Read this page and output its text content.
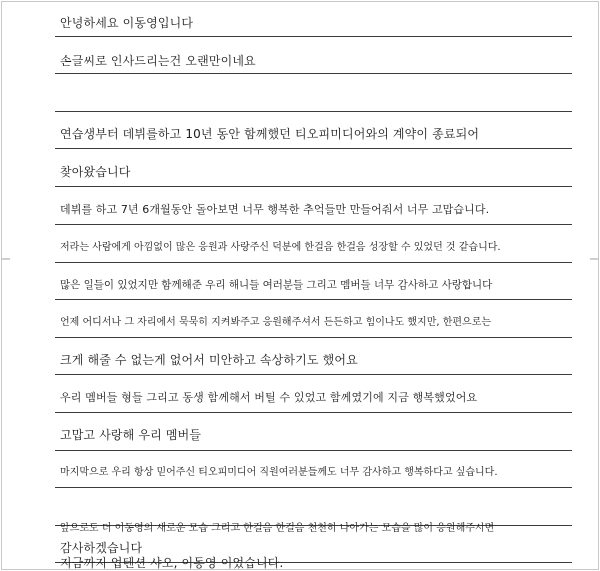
안녕하세요 이동영입니다
손글씨로 인사드리는건 오랜만이네요
연습생부터 데뷔를하고 10년 동안 함께했던 티오피미디어와의 계약이 종료되어
찾아왔습니다
데뷔를 하고 7년 6개월동안 돌아보면 너무 행복한 추억들만 만들어줘서 너무 고맙습니다.
저라는 사람에게 아낌없이 많은 응원과 사랑주신 덕분에 한걸음 한걸음 성장할 수 있었던 것 같습니다.
많은 일들이 있었지만 함께해준 우리 해니들 여러분들 그리고 멤버들 너무 감사하고 사랑합니다
언제 어디서나 그 자리에서 묵묵히 지켜봐주고 응원해주셔서 든든하고 힘이나도 했지만, 한편으로는
크게 해줄 수 없는게 없어서 미안하고 속상하기도 했어요
우리 멤버들 형들 그리고 동생 함께해서 버틸 수 있었고 함께였기에 지금 행복했었어요
고맙고 사랑해 우리 멤버들
마지막으로 우리 항상 믿어주신 티오피미디어 직원여러분들께도 너무 감사하고 행복하다고 싶습니다.
앞으로도 더 이동영의 새로운 모습 그리고 한걸음 한걸음 천천히 나아가는 모습을 많이 응원해주시면
감사하겠습니다
지금까지 업텐션 샤오, 이동영 이었습니다.
